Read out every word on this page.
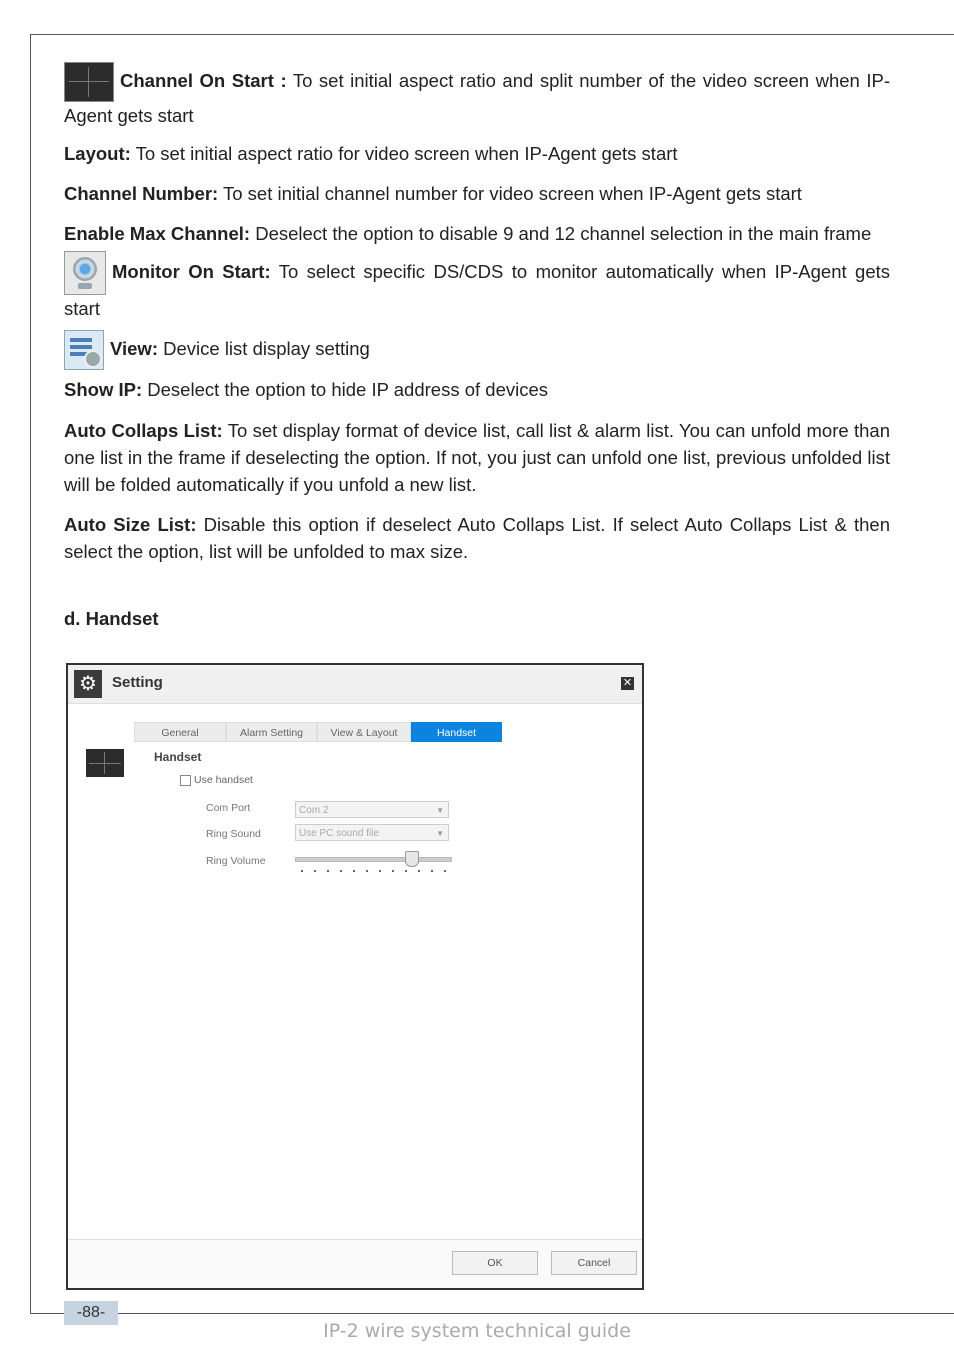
Channel On Start : To set initial aspect ratio and split number of the video screen when IP-Agent gets start

Layout: To set initial aspect ratio for video screen when IP-Agent gets start

Channel Number: To set initial channel number for video screen when IP-Agent gets start

Enable Max Channel: Deselect the option to disable 9 and 12 channel selection in the main frame

Monitor On Start: To select specific DS/CDS to monitor automatically when IP-Agent gets start

View: Device list display setting

Show IP: Deselect the option to hide IP address of devices

Auto Collaps List: To set display format of device list, call list & alarm list. You can unfold more than one list in the frame if deselecting the option. If not, you just can unfold one list, previous unfolded list will be folded automatically if you unfold a new list.

Auto Size List: Disable this option if deselect Auto Collaps List. If select Auto Collaps List & then select the option, list will be unfolded to max size.

d. Handset

⚙	Setting	✕
General	Alarm Setting	View & Layout	Handset
Handset
Use handset
Com Port	Com 2	▼
Ring Sound	Use PC sound file	▼
Ring Volume
OK	Cancel
-88-
IP-2 wire system technical guide
